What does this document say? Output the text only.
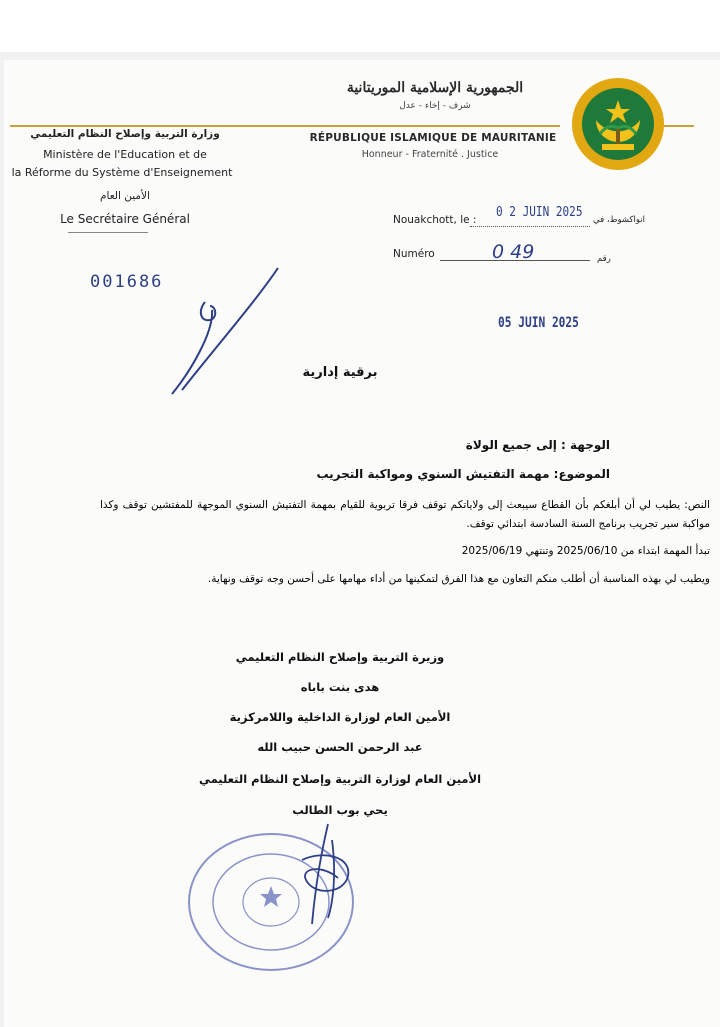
الجمهورية الإسلامية الموريتانية
شرف - إخاء - عدل
RÉPUBLIQUE ISLAMIQUE DE MAURITANIE
Honneur - Fraternité . Justice
وزارة التربية وإصلاح النظام التعليمي
Ministère de l'Education et de
la Réforme du Système d'Enseignement
الأمين العام
Le Secrétaire Général	Nouakchott, le : 0 2 JUIN 2025 انواكشوط، في
Numéro	0 49	رقم
001686
05 JUIN 2025
برقية إدارية
الوجهة : إلى جميع الولاة
الموضوع: مهمة التفتيش السنوي ومواكبة التجريب
النص: يطيب لي أن أبلغكم بأن القطاع سيبعث إلى ولاياتكم توقف فرقا تربوية للقيام بمهمة التفتيش السنوي الموجهة للمفتشين توقف وكذا مواكبة سير تجريب برنامج السنة السادسة ابتدائي توقف.
تبدأ المهمة ابتداء من 2025/06/10 وتنتهي 2025/06/19
ويطيب لي بهذه المناسبة أن أطلب منكم التعاون مع هذا الفرق لتمكينها من أداء مهامها على أحسن وجه توقف ونهاية.
وزيرة التربية وإصلاح النظام التعليمي
هدى بنت باباه
الأمين العام لوزارة الداخلية واللامركزية
عبد الرحمن الحسن حبيب الله
الأمين العام لوزارة التربية وإصلاح النظام التعليمي
يحي بوب الطالب
